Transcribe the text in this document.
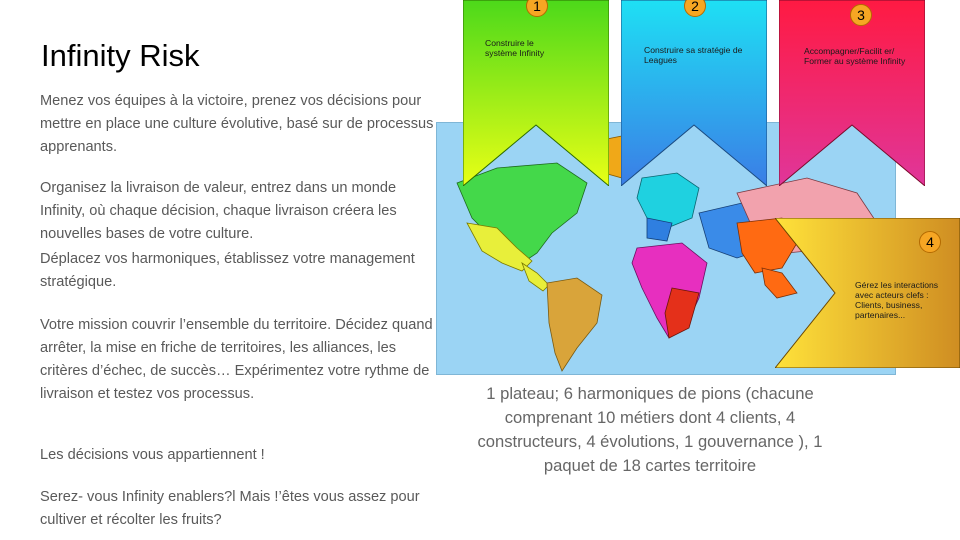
Infinity Risk
Menez vos équipes à la victoire, prenez vos décisions pour mettre en place une culture évolutive, basé sur de processus apprenants.
Organisez la livraison de valeur, entrez dans un monde Infinity, où chaque décision, chaque livraison créera les nouvelles bases de votre culture.
Déplacez vos harmoniques, établissez votre management stratégique.
Votre mission couvrir l’ensemble du territoire. Décidez quand arrêter, la mise en friche de territoires, les alliances, les critères d’échec, de succès… Expérimentez votre rythme de livraison et testez vos processus.
Les décisions vous appartiennent !
Serez- vous Infinity enablers?l Mais !’êtes vous assez pour cultiver et récolter les fruits?
1
Construire le système Infinity
2
Construire sa stratégie de Leagues
3
Accompagner/Facilit er/ Former au système Infinity
4
Gérez les interactions avec acteurs clefs : Clients, business, partenaires...
1 plateau; 6 harmoniques de pions (chacune comprenant 10 métiers dont 4 clients, 4 constructeurs, 4 évolutions, 1 gouvernance ), 1 paquet de 18 cartes territoire
